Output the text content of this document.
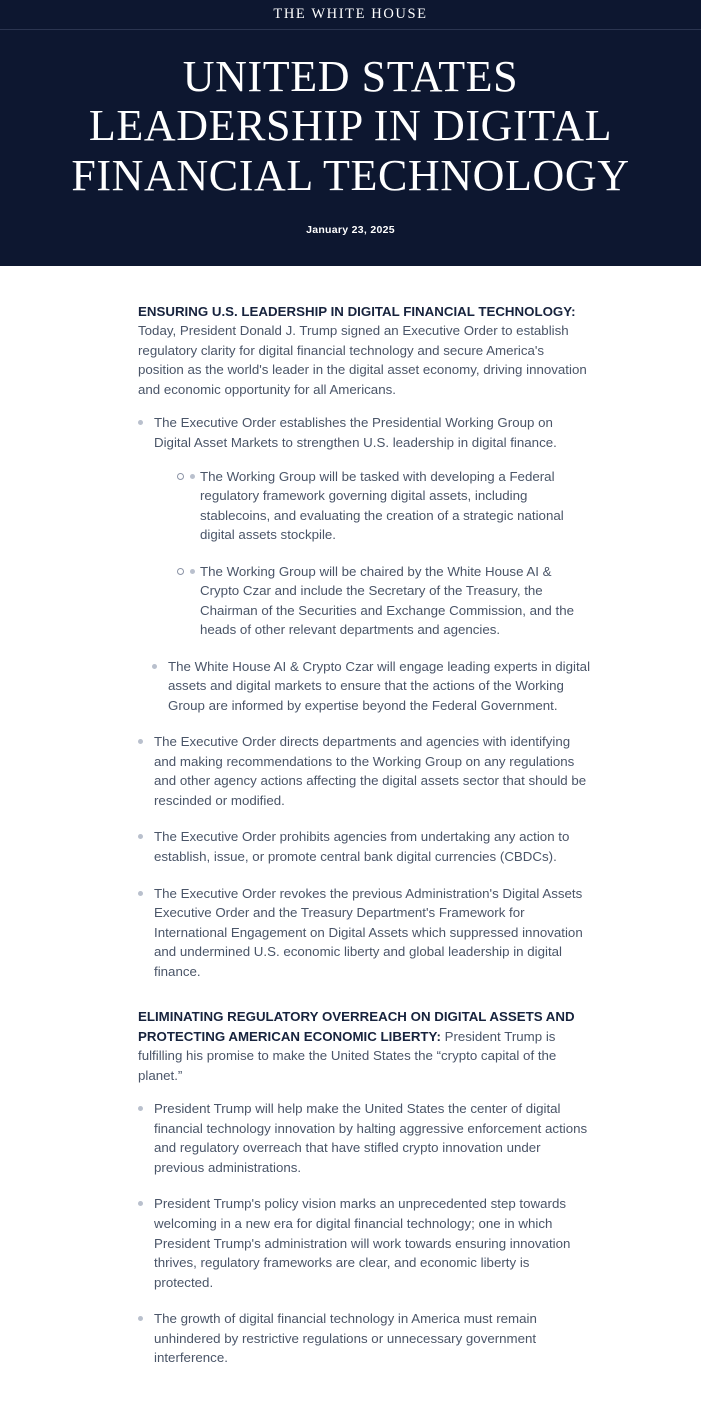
THE WHITE HOUSE
UNITED STATES LEADERSHIP IN DIGITAL FINANCIAL TECHNOLOGY
January 23, 2025

ENSURING U.S. LEADERSHIP IN DIGITAL FINANCIAL TECHNOLOGY: Today, President Donald J. Trump signed an Executive Order to establish regulatory clarity for digital financial technology and secure America's position as the world's leader in the digital asset economy, driving innovation and economic opportunity for all Americans.

The Executive Order establishes the Presidential Working Group on Digital Asset Markets to strengthen U.S. leadership in digital finance.
The Working Group will be tasked with developing a Federal regulatory framework governing digital assets, including stablecoins, and evaluating the creation of a strategic national digital assets stockpile.
The Working Group will be chaired by the White House AI & Crypto Czar and include the Secretary of the Treasury, the Chairman of the Securities and Exchange Commission, and the heads of other relevant departments and agencies.
The White House AI & Crypto Czar will engage leading experts in digital assets and digital markets to ensure that the actions of the Working Group are informed by expertise beyond the Federal Government.
The Executive Order directs departments and agencies with identifying and making recommendations to the Working Group on any regulations and other agency actions affecting the digital assets sector that should be rescinded or modified.
The Executive Order prohibits agencies from undertaking any action to establish, issue, or promote central bank digital currencies (CBDCs).
The Executive Order revokes the previous Administration's Digital Assets Executive Order and the Treasury Department's Framework for International Engagement on Digital Assets which suppressed innovation and undermined U.S. economic liberty and global leadership in digital finance.

ELIMINATING REGULATORY OVERREACH ON DIGITAL ASSETS AND PROTECTING AMERICAN ECONOMIC LIBERTY: President Trump is fulfilling his promise to make the United States the “crypto capital of the planet.”

President Trump will help make the United States the center of digital financial technology innovation by halting aggressive enforcement actions and regulatory overreach that have stifled crypto innovation under previous administrations.
President Trump's policy vision marks an unprecedented step towards welcoming in a new era for digital financial technology; one in which President Trump's administration will work towards ensuring innovation thrives, regulatory frameworks are clear, and economic liberty is protected.
The growth of digital financial technology in America must remain unhindered by restrictive regulations or unnecessary government interference.
